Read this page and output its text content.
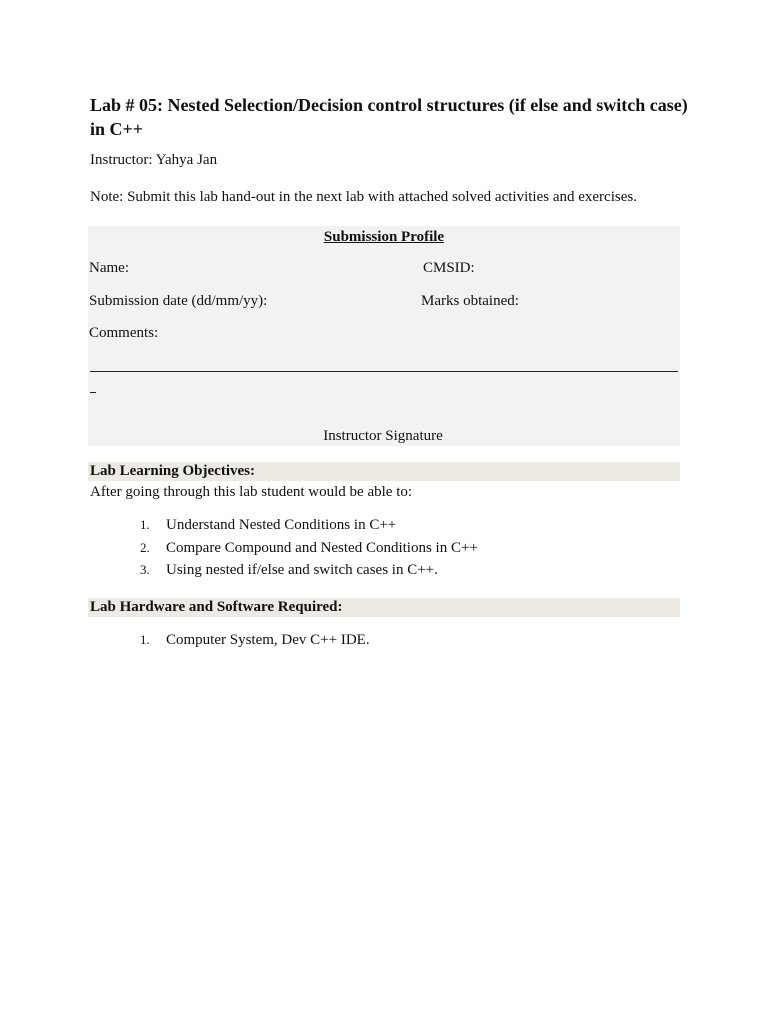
Lab # 05: Nested Selection/Decision control structures (if else and switch case) in C++
Instructor: Yahya Jan
Note: Submit this lab hand-out in the next lab with attached solved activities and exercises.
Submission Profile
Name:	CMSID:
Submission date (dd/mm/yy):	Marks obtained:
Comments:
Instructor Signature
Lab Learning Objectives:
After going through this lab student would be able to:
1. Understand Nested Conditions in C++
2. Compare Compound and Nested Conditions in C++
3. Using nested if/else and switch cases in C++.
Lab Hardware and Software Required:
1. Computer System, Dev C++ IDE.
